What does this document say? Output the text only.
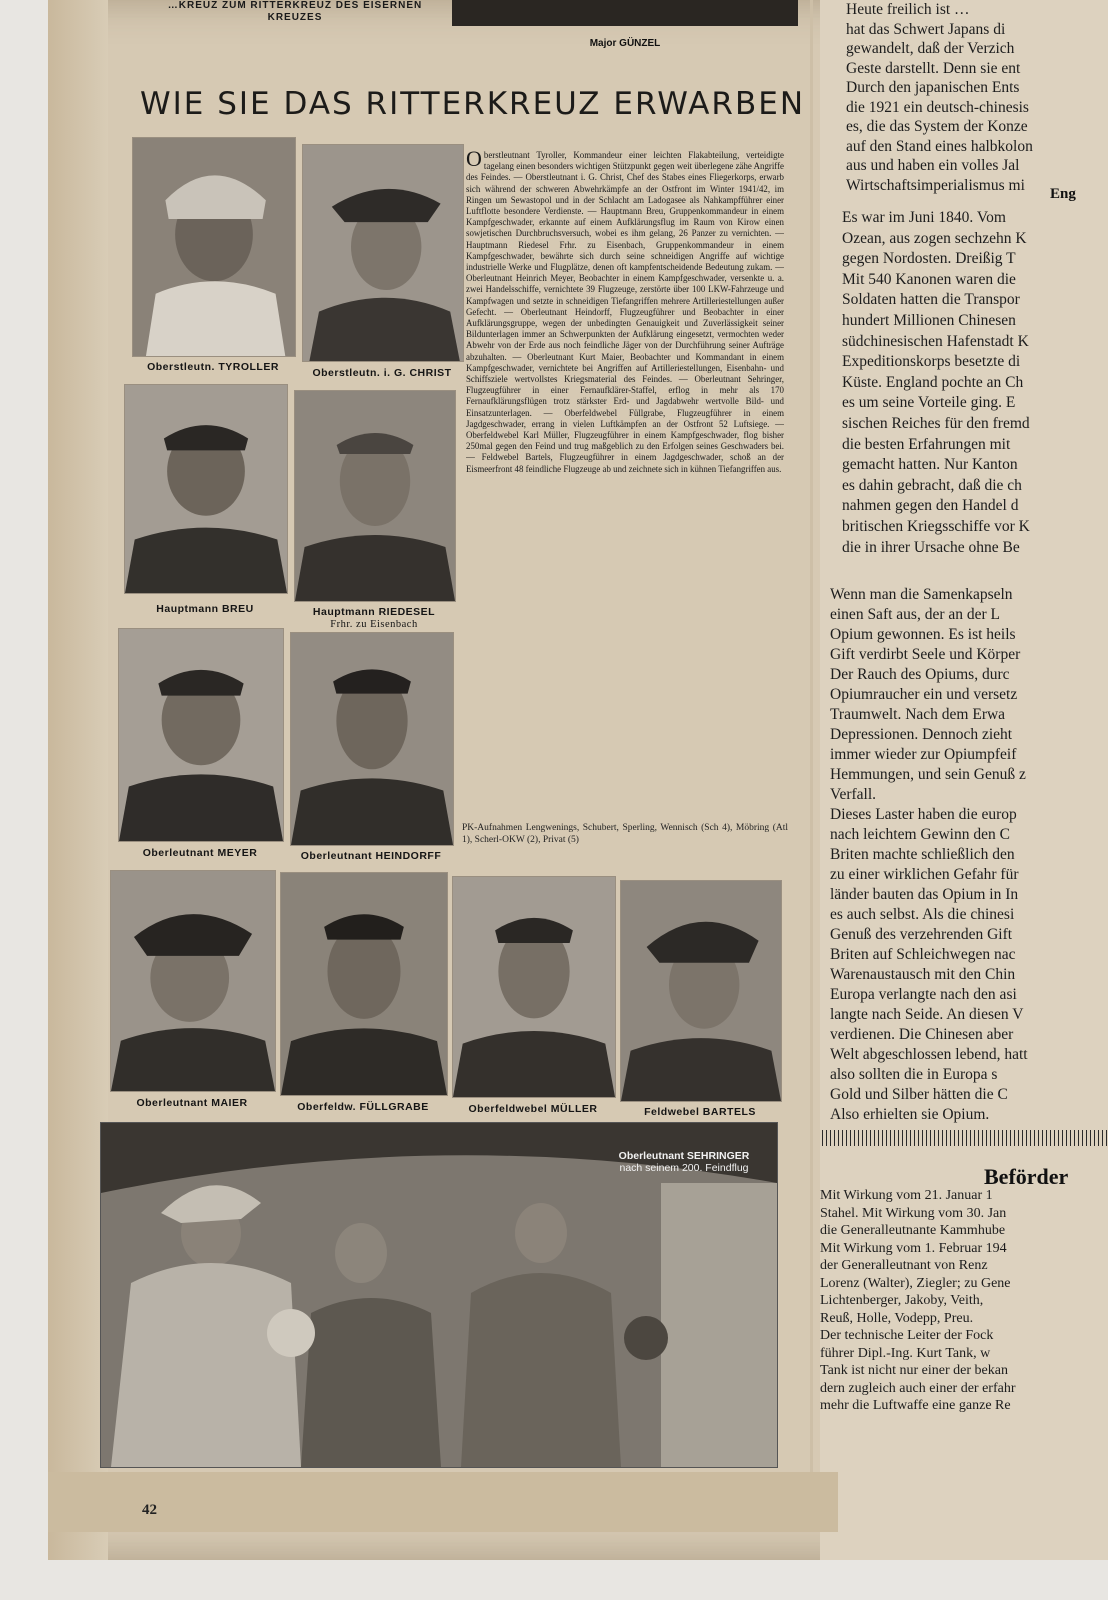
…KREUZ ZUM RITTERKREUZ DES EISERNEN KREUZES
Major GÜNZEL
WIE SIE DAS RITTERKREUZ ERWARBEN
Oberstleutn. TYROLLER	Oberstleutn. i. G. CHRIST
Hauptmann BREU	Hauptmann RIEDESEL
Frhr. zu Eisenbach
Oberleutnant MEYER	Oberleutnant HEINDORFF
Oberleutnant MAIER	Oberfeldw. FÜLLGRABE	Oberfeldwebel MÜLLER	Feldwebel BARTELS
Oberstleutnant Tyroller, Kommandeur einer leichten Flakabteilung, verteidigte tagelang einen besonders wichtigen Stützpunkt gegen weit überlegene zähe Angriffe des Feindes. — Oberstleutnant i. G. Christ, Chef des Stabes eines Fliegerkorps, erwarb sich während der schweren Abwehrkämpfe an der Ostfront im Winter 1941/42, im Ringen um Sewastopol und in der Schlacht am Ladogasee als Nahkampfführer einer Luftflotte besondere Verdienste. — Hauptmann Breu, Gruppenkommandeur in einem Kampfgeschwader, erkannte auf einem Aufklärungsflug im Raum von Kirow einen sowjetischen Durchbruchsversuch, wobei es ihm gelang, 26 Panzer zu vernichten. — Hauptmann Riedesel Frhr. zu Eisenbach, Gruppenkommandeur in einem Kampfgeschwader, bewährte sich durch seine schneidigen Angriffe auf wichtige industrielle Werke und Flugplätze, denen oft kampfentscheidende Bedeutung zukam. — Oberleutnant Heinrich Meyer, Beobachter in einem Kampfgeschwader, versenkte u. a. zwei Handelsschiffe, vernichtete 39 Flugzeuge, zerstörte über 100 LKW-Fahrzeuge und Kampfwagen und setzte in schneidigen Tiefangriffen mehrere Artilleriestellungen außer Gefecht. — Oberleutnant Heindorff, Flugzeugführer und Beobachter in einer Aufklärungsgruppe, wegen der unbedingten Genauigkeit und Zuverlässigkeit seiner Bildunterlagen immer an Schwerpunkten der Aufklärung eingesetzt, vermochten weder Abwehr von der Erde aus noch feindliche Jäger von der Durchführung seiner Aufträge abzuhalten. — Oberleutnant Kurt Maier, Beobachter und Kommandant in einem Kampfgeschwader, vernichtete bei Angriffen auf Artilleriestellungen, Eisenbahn- und Schiffsziele wertvollstes Kriegsmaterial des Feindes. — Oberleutnant Sehringer, Flugzeugführer in einer Fernaufklärer-Staffel, erflog in mehr als 170 Fernaufklärungsflügen trotz stärkster Erd- und Jagdabwehr wertvolle Bild- und Einsatzunterlagen. — Oberfeldwebel Füllgrabe, Flugzeugführer in einem Jagdgeschwader, errang in vielen Luftkämpfen an der Ostfront 52 Luftsiege. — Oberfeldwebel Karl Müller, Flugzeugführer in einem Kampfgeschwader, flog bisher 250mal gegen den Feind und trug maßgeblich zu den Erfolgen seines Geschwaders bei. — Feldwebel Bartels, Flugzeugführer in einem Jagdgeschwader, schoß an der Eismeerfront 48 feindliche Flugzeuge ab und zeichnete sich in kühnen Tiefangriffen aus.
PK-Aufnahmen Lengwenings, Schubert, Sperling, Wennisch (Sch 4), Möbring (Atl 1), Scherl-OKW (2), Privat (5)
Oberleutnant SEHRINGER
nach seinem 200. Feindflug
42
Heute freilich ist …
hat das Schwert Japans di
gewandelt, daß der Verzich
Geste darstellt. Denn sie ent
Durch den japanischen Ents
die 1921 ein deutsch-chinesis
es, die das System der Konze
auf den Stand eines halbkolon
aus und haben ein volles Jal
Wirtschaftsimperialismus mi
Eng
Es war im Juni 1840. Vom
Ozean, aus zogen sechzehn K
gegen Nordosten. Dreißig T
Mit 540 Kanonen waren die
Soldaten hatten die Transpor
hundert Millionen Chinesen
südchinesischen Hafenstadt K
Expeditionskorps besetzte di
Küste. England pochte an Ch
es um seine Vorteile ging. E
sischen Reiches für den fremd
die besten Erfahrungen mit
gemacht hatten. Nur Kanton
es dahin gebracht, daß die ch
nahmen gegen den Handel d
britischen Kriegsschiffe vor K
die in ihrer Ursache ohne Be
Wenn man die Samenkapseln
einen Saft aus, der an der L
Opium gewonnen. Es ist heils
Gift verdirbt Seele und Körper
Der Rauch des Opiums, durc
Opiumraucher ein und versetz
Traumwelt. Nach dem Erwa
Depressionen. Dennoch zieht
immer wieder zur Opiumpfeif
Hemmungen, und sein Genuß z
Verfall.
Dieses Laster haben die europ
nach leichtem Gewinn den C
Briten machte schließlich den
zu einer wirklichen Gefahr für
länder bauten das Opium in In
es auch selbst. Als die chinesi
Genuß des verzehrenden Gift
Briten auf Schleichwegen nac
Warenaustausch mit den Chin
Europa verlangte nach den asi
langte nach Seide. An diesen V
verdienen. Die Chinesen aber
Welt abgeschlossen lebend, hatt
also sollten die in Europa s
Gold und Silber hätten die C
Also erhielten sie Opium.
Beförder
Mit Wirkung vom 21. Januar 1
Stahel. Mit Wirkung vom 30. Jan
die Generalleutnante Kammhube
Mit Wirkung vom 1. Februar 194
der Generalleutnant von Renz
Lorenz (Walter), Ziegler; zu Gene
Lichtenberger, Jakoby, Veith,
Reuß, Holle, Vodepp, Preu.
Der technische Leiter der Fock
führer Dipl.-Ing. Kurt Tank, w
Tank ist nicht nur einer der bekan
dern zugleich auch einer der erfahr
mehr die Luftwaffe eine ganze Re
